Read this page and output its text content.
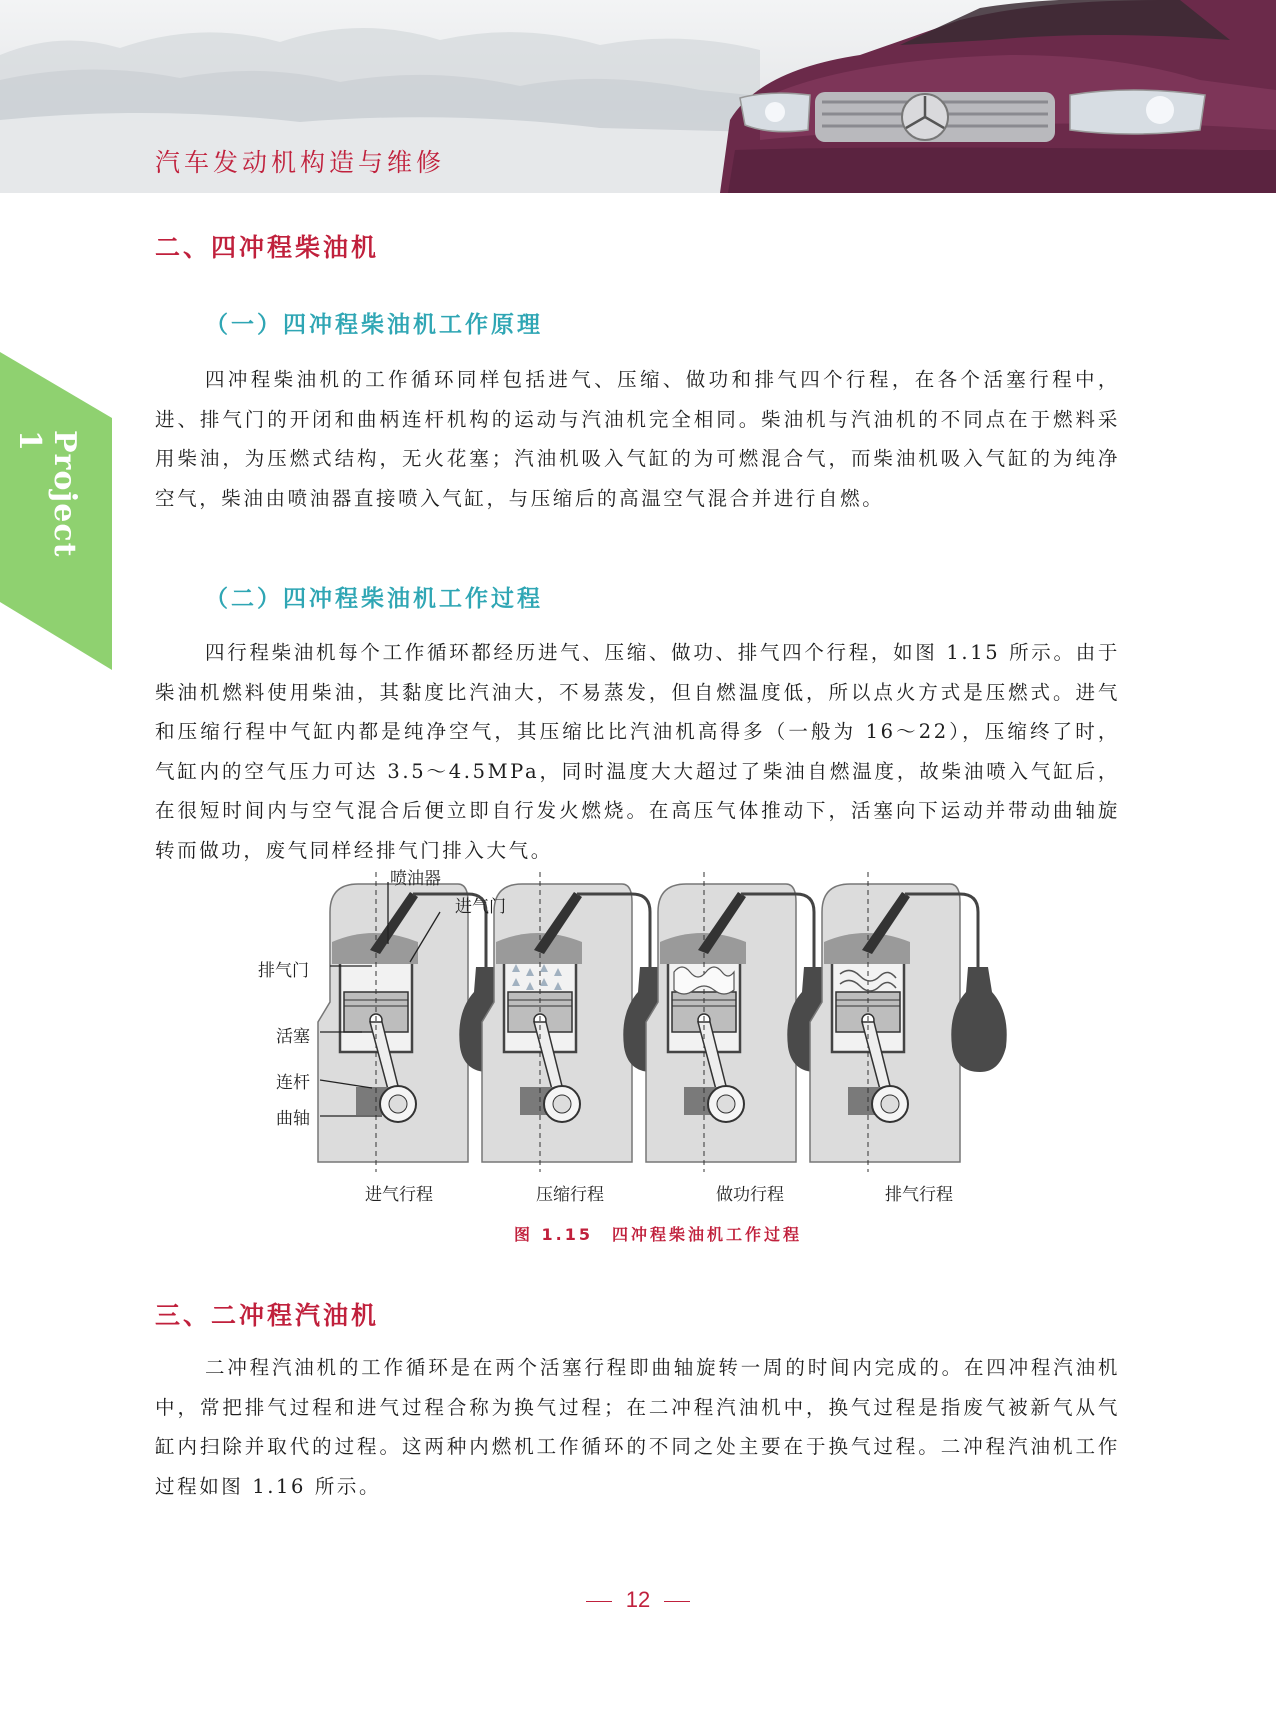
汽车发动机构造与维修
Project 1
二、四冲程柴油机
（一）四冲程柴油机工作原理

四冲程柴油机的工作循环同样包括进气、压缩、做功和排气四个行程，在各个活塞行程中，进、排气门的开闭和曲柄连杆机构的运动与汽油机完全相同。柴油机与汽油机的不同点在于燃料采用柴油，为压燃式结构，无火花塞；汽油机吸入气缸的为可燃混合气，而柴油机吸入气缸的为纯净空气，柴油由喷油器直接喷入气缸，与压缩后的高温空气混合并进行自燃。

（二）四冲程柴油机工作过程

四行程柴油机每个工作循环都经历进气、压缩、做功、排气四个行程，如图 1.15 所示。由于柴油机燃料使用柴油，其黏度比汽油大，不易蒸发，但自燃温度低，所以点火方式是压燃式。进气和压缩行程中气缸内都是纯净空气，其压缩比比汽油机高得多（一般为 16～22），压缩终了时，气缸内的空气压力可达 3.5～4.5MPa，同时温度大大超过了柴油自燃温度，故柴油喷入气缸后，在很短时间内与空气混合后便立即自行发火燃烧。在高压气体推动下，活塞向下运动并带动曲轴旋转而做功，废气同样经排气门排入大气。

喷油器
进气门
排气门
活塞
连杆
曲轴
进气行程	压缩行程	做功行程	排气行程
图 1.15　四冲程柴油机工作过程
三、二冲程汽油机

二冲程汽油机的工作循环是在两个活塞行程即曲轴旋转一周的时间内完成的。在四冲程汽油机中，常把排气过程和进气过程合称为换气过程；在二冲程汽油机中，换气过程是指废气被新气从气缸内扫除并取代的过程。这两种内燃机工作循环的不同之处主要在于换气过程。二冲程汽油机工作过程如图 1.16 所示。

12
